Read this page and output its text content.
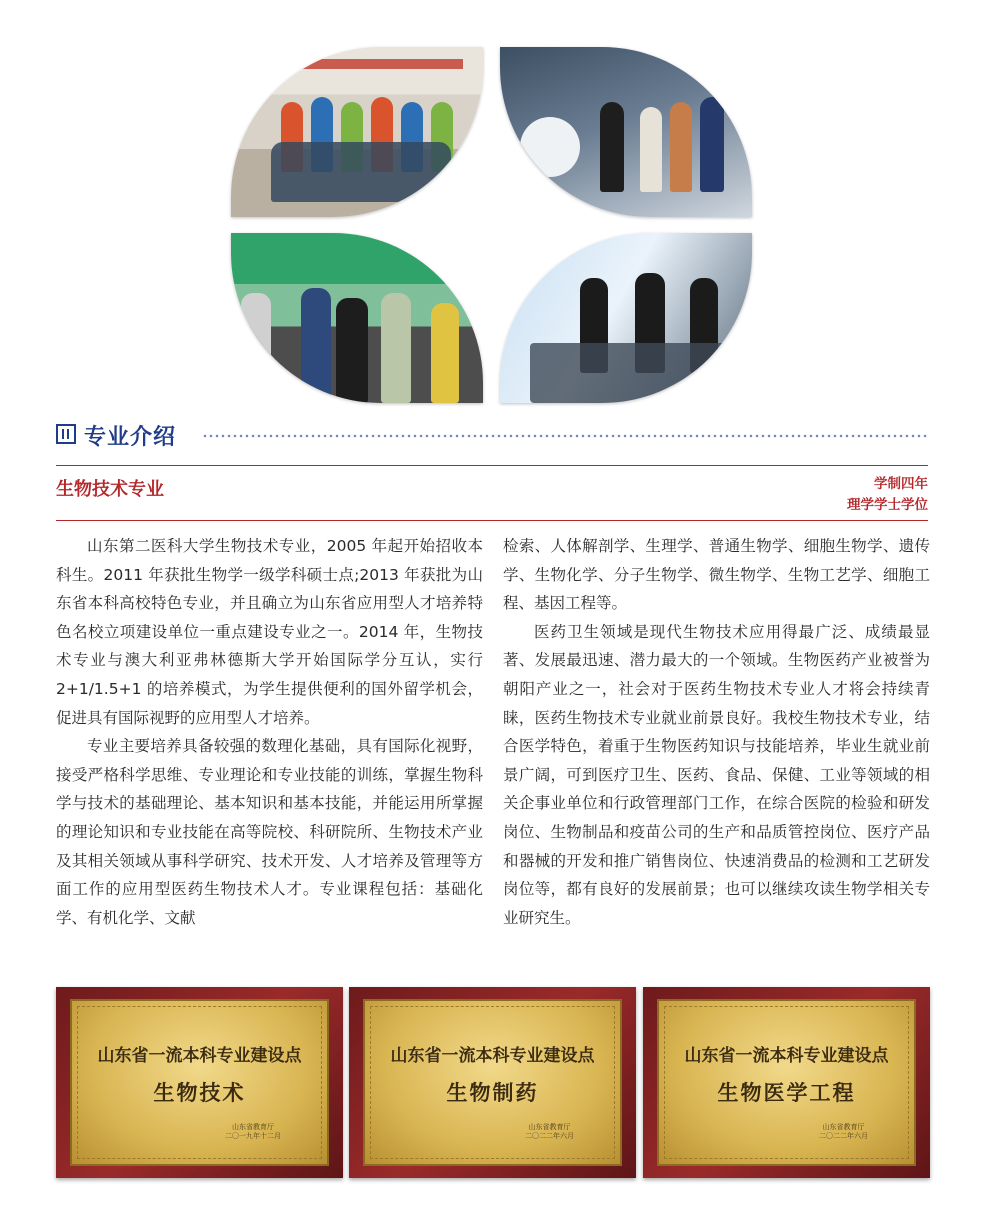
专业介绍
生物技术专业	学制四年
理学学士学位

山东第二医科大学生物技术专业，2005 年起开始招收本科生。2011 年获批生物学一级学科硕士点;2013 年获批为山东省本科高校特色专业，并且确立为山东省应用型人才培养特色名校立项建设单位一重点建设专业之一。2014 年，生物技术专业与澳大利亚弗林德斯大学开始国际学分互认，实行 2+1/1.5+1 的培养模式，为学生提供便利的国外留学机会，促进具有国际视野的应用型人才培养。

专业主要培养具备较强的数理化基础，具有国际化视野，接受严格科学思维、专业理论和专业技能的训练，掌握生物科学与技术的基础理论、基本知识和基本技能，并能运用所掌握的理论知识和专业技能在高等院校、科研院所、生物技术产业及其相关领域从事科学研究、技术开发、人才培养及管理等方面工作的应用型医药生物技术人才。专业课程包括：基础化学、有机化学、文献

检索、人体解剖学、生理学、普通生物学、细胞生物学、遗传学、生物化学、分子生物学、微生物学、生物工艺学、细胞工程、基因工程等。

医药卫生领域是现代生物技术应用得最广泛、成绩最显著、发展最迅速、潜力最大的一个领域。生物医药产业被誉为朝阳产业之一，社会对于医药生物技术专业人才将会持续青睐，医药生物技术专业就业前景良好。我校生物技术专业，结合医学特色，着重于生物医药知识与技能培养，毕业生就业前景广阔，可到医疗卫生、医药、食品、保健、工业等领域的相关企事业单位和行政管理部门工作，在综合医院的检验和研发岗位、生物制品和疫苗公司的生产和品质管控岗位、医疗产品和器械的开发和推广销售岗位、快速消费品的检测和工艺研发岗位等，都有良好的发展前景；也可以继续攻读生物学相关专业研究生。

山东省一流本科专业建设点
生物技术
山东省教育厅
二〇一九年十二月
山东省一流本科专业建设点
生物制药
山东省教育厅
二〇二二年六月
山东省一流本科专业建设点
生物医学工程
山东省教育厅
二〇二二年六月
